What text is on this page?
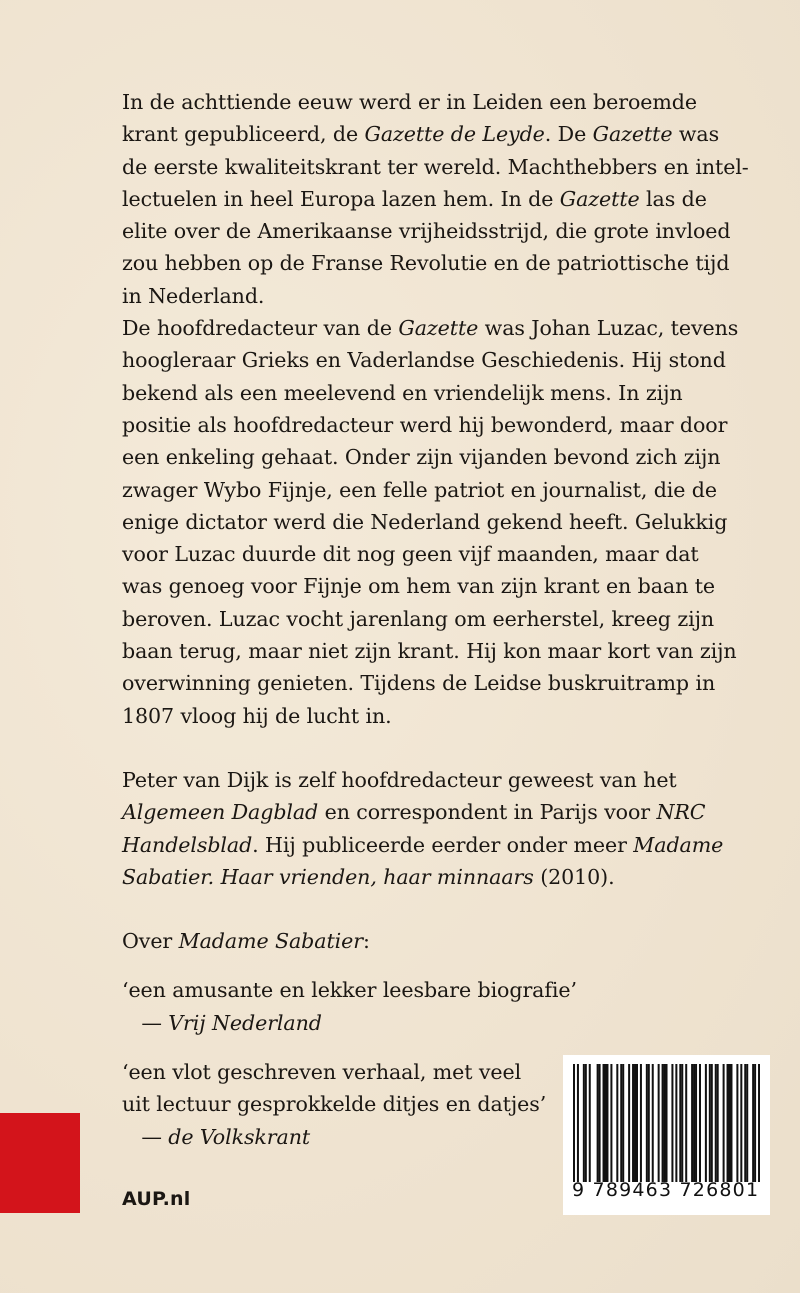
In de achttiende eeuw werd er in Leiden een beroemde
krant gepubliceerd, de Gazette de Leyde. De Gazette was
de eerste kwaliteitskrant ter wereld. Machthebbers en intel-
lectuelen in heel Europa lazen hem. In de Gazette las de
elite over de Amerikaanse vrijheidsstrijd, die grote invloed
zou hebben op de Franse Revolutie en de patriottische tijd
in Nederland.
De hoofdredacteur van de Gazette was Johan Luzac, tevens
hoogleraar Grieks en Vaderlandse Geschiedenis. Hij stond
bekend als een meelevend en vriendelijk mens. In zijn
positie als hoofdredacteur werd hij bewonderd, maar door
een enkeling gehaat. Onder zijn vijanden bevond zich zijn
zwager Wybo Fijnje, een felle patriot en journalist, die de
enige dictator werd die Nederland gekend heeft. Gelukkig
voor Luzac duurde dit nog geen vijf maanden, maar dat
was genoeg voor Fijnje om hem van zijn krant en baan te
beroven. Luzac vocht jarenlang om eerherstel, kreeg zijn
baan terug, maar niet zijn krant. Hij kon maar kort van zijn
overwinning genieten. Tijdens de Leidse buskruitramp in
1807 vloog hij de lucht in.
Peter van Dijk is zelf hoofdredacteur geweest van het
Algemeen Dagblad en correspondent in Parijs voor NRC
Handelsblad. Hij publiceerde eerder onder meer Madame
Sabatier. Haar vrienden, haar minnaars (2010).
Over Madame Sabatier:
‘een amusante en lekker leesbare biografie’
— Vrij Nederland
‘een vlot geschreven verhaal, met veel
uit lectuur gesprokkelde ditjes en datjes’
— de Volkskrant
AUP.nl	9 789463 726801
